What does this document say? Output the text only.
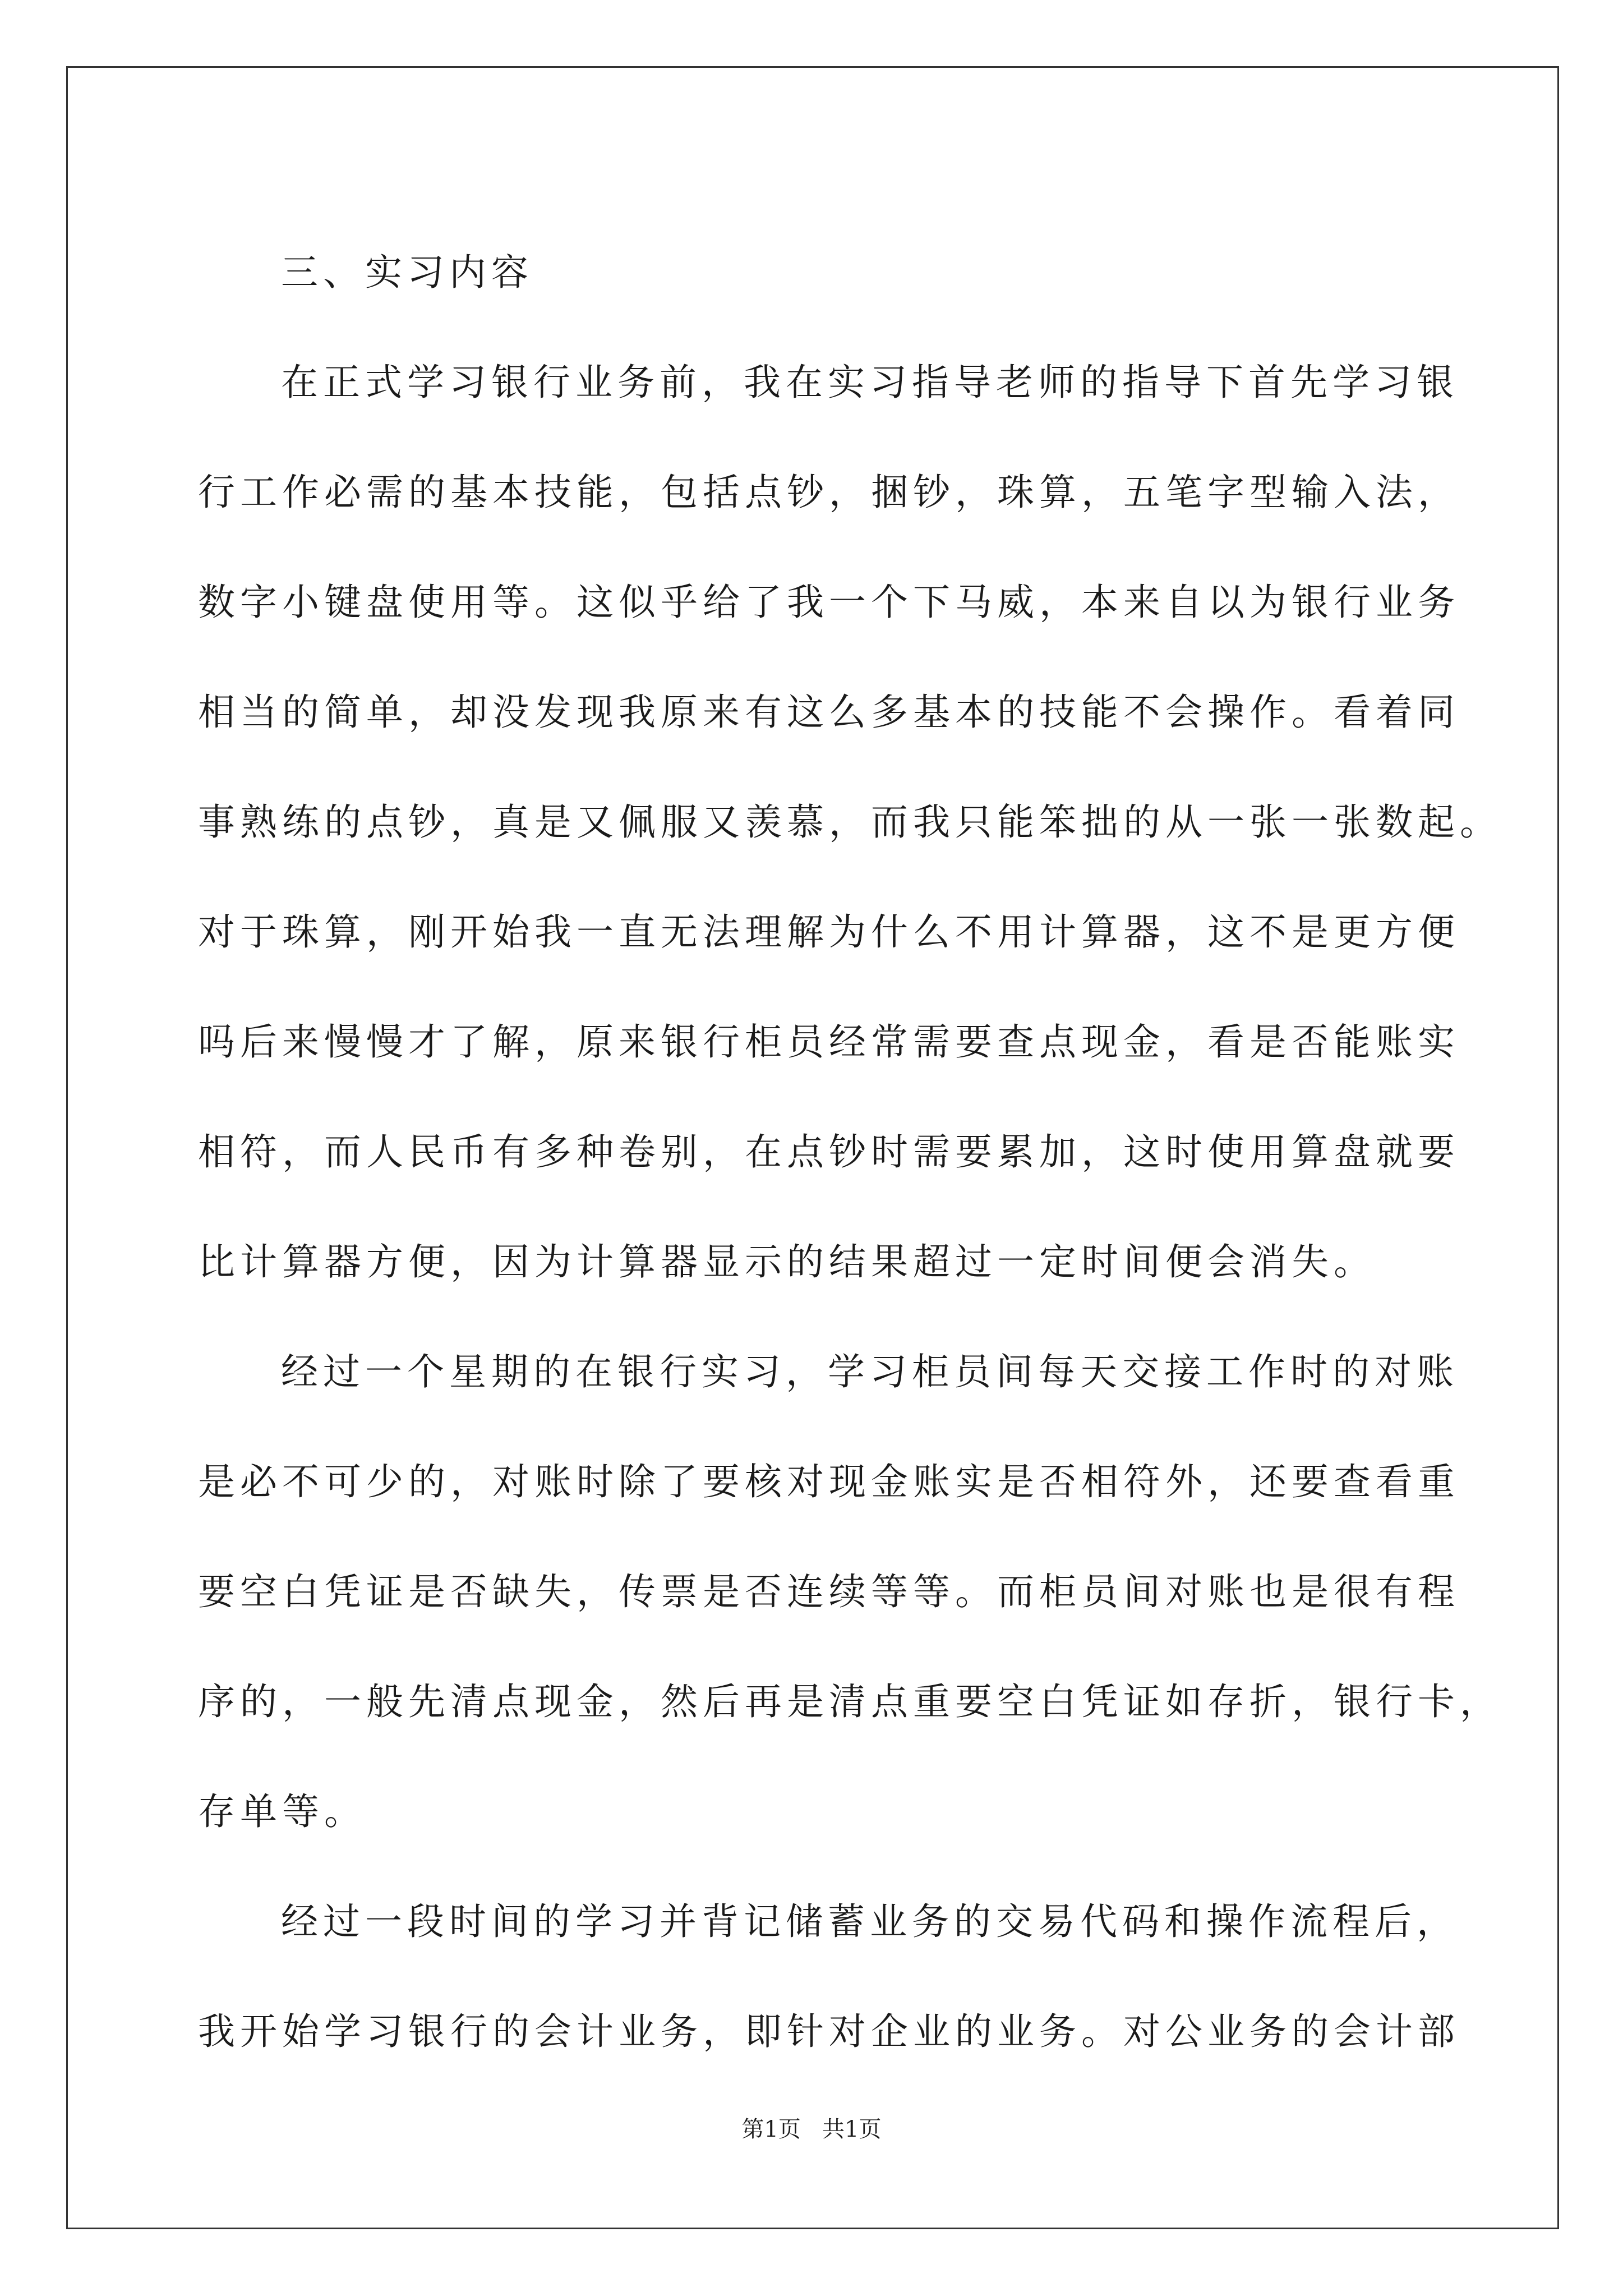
三、实习内容
在正式学习银行业务前，我在实习指导老师的指导下首先学习银
行工作必需的基本技能，包括点钞，捆钞，珠算，五笔字型输入法，
数字小键盘使用等。这似乎给了我一个下马威，本来自以为银行业务
相当的简单，却没发现我原来有这么多基本的技能不会操作。看着同
事熟练的点钞，真是又佩服又羡慕，而我只能笨拙的从一张一张数起。
对于珠算，刚开始我一直无法理解为什么不用计算器，这不是更方便
吗后来慢慢才了解，原来银行柜员经常需要查点现金，看是否能账实
相符，而人民币有多种卷别，在点钞时需要累加，这时使用算盘就要
比计算器方便，因为计算器显示的结果超过一定时间便会消失。
经过一个星期的在银行实习，学习柜员间每天交接工作时的对账
是必不可少的，对账时除了要核对现金账实是否相符外，还要查看重
要空白凭证是否缺失，传票是否连续等等。而柜员间对账也是很有程
序的，一般先清点现金，然后再是清点重要空白凭证如存折，银行卡，
存单等。
经过一段时间的学习并背记储蓄业务的交易代码和操作流程后，
我开始学习银行的会计业务，即针对企业的业务。对公业务的会计部
第1页   共1页
